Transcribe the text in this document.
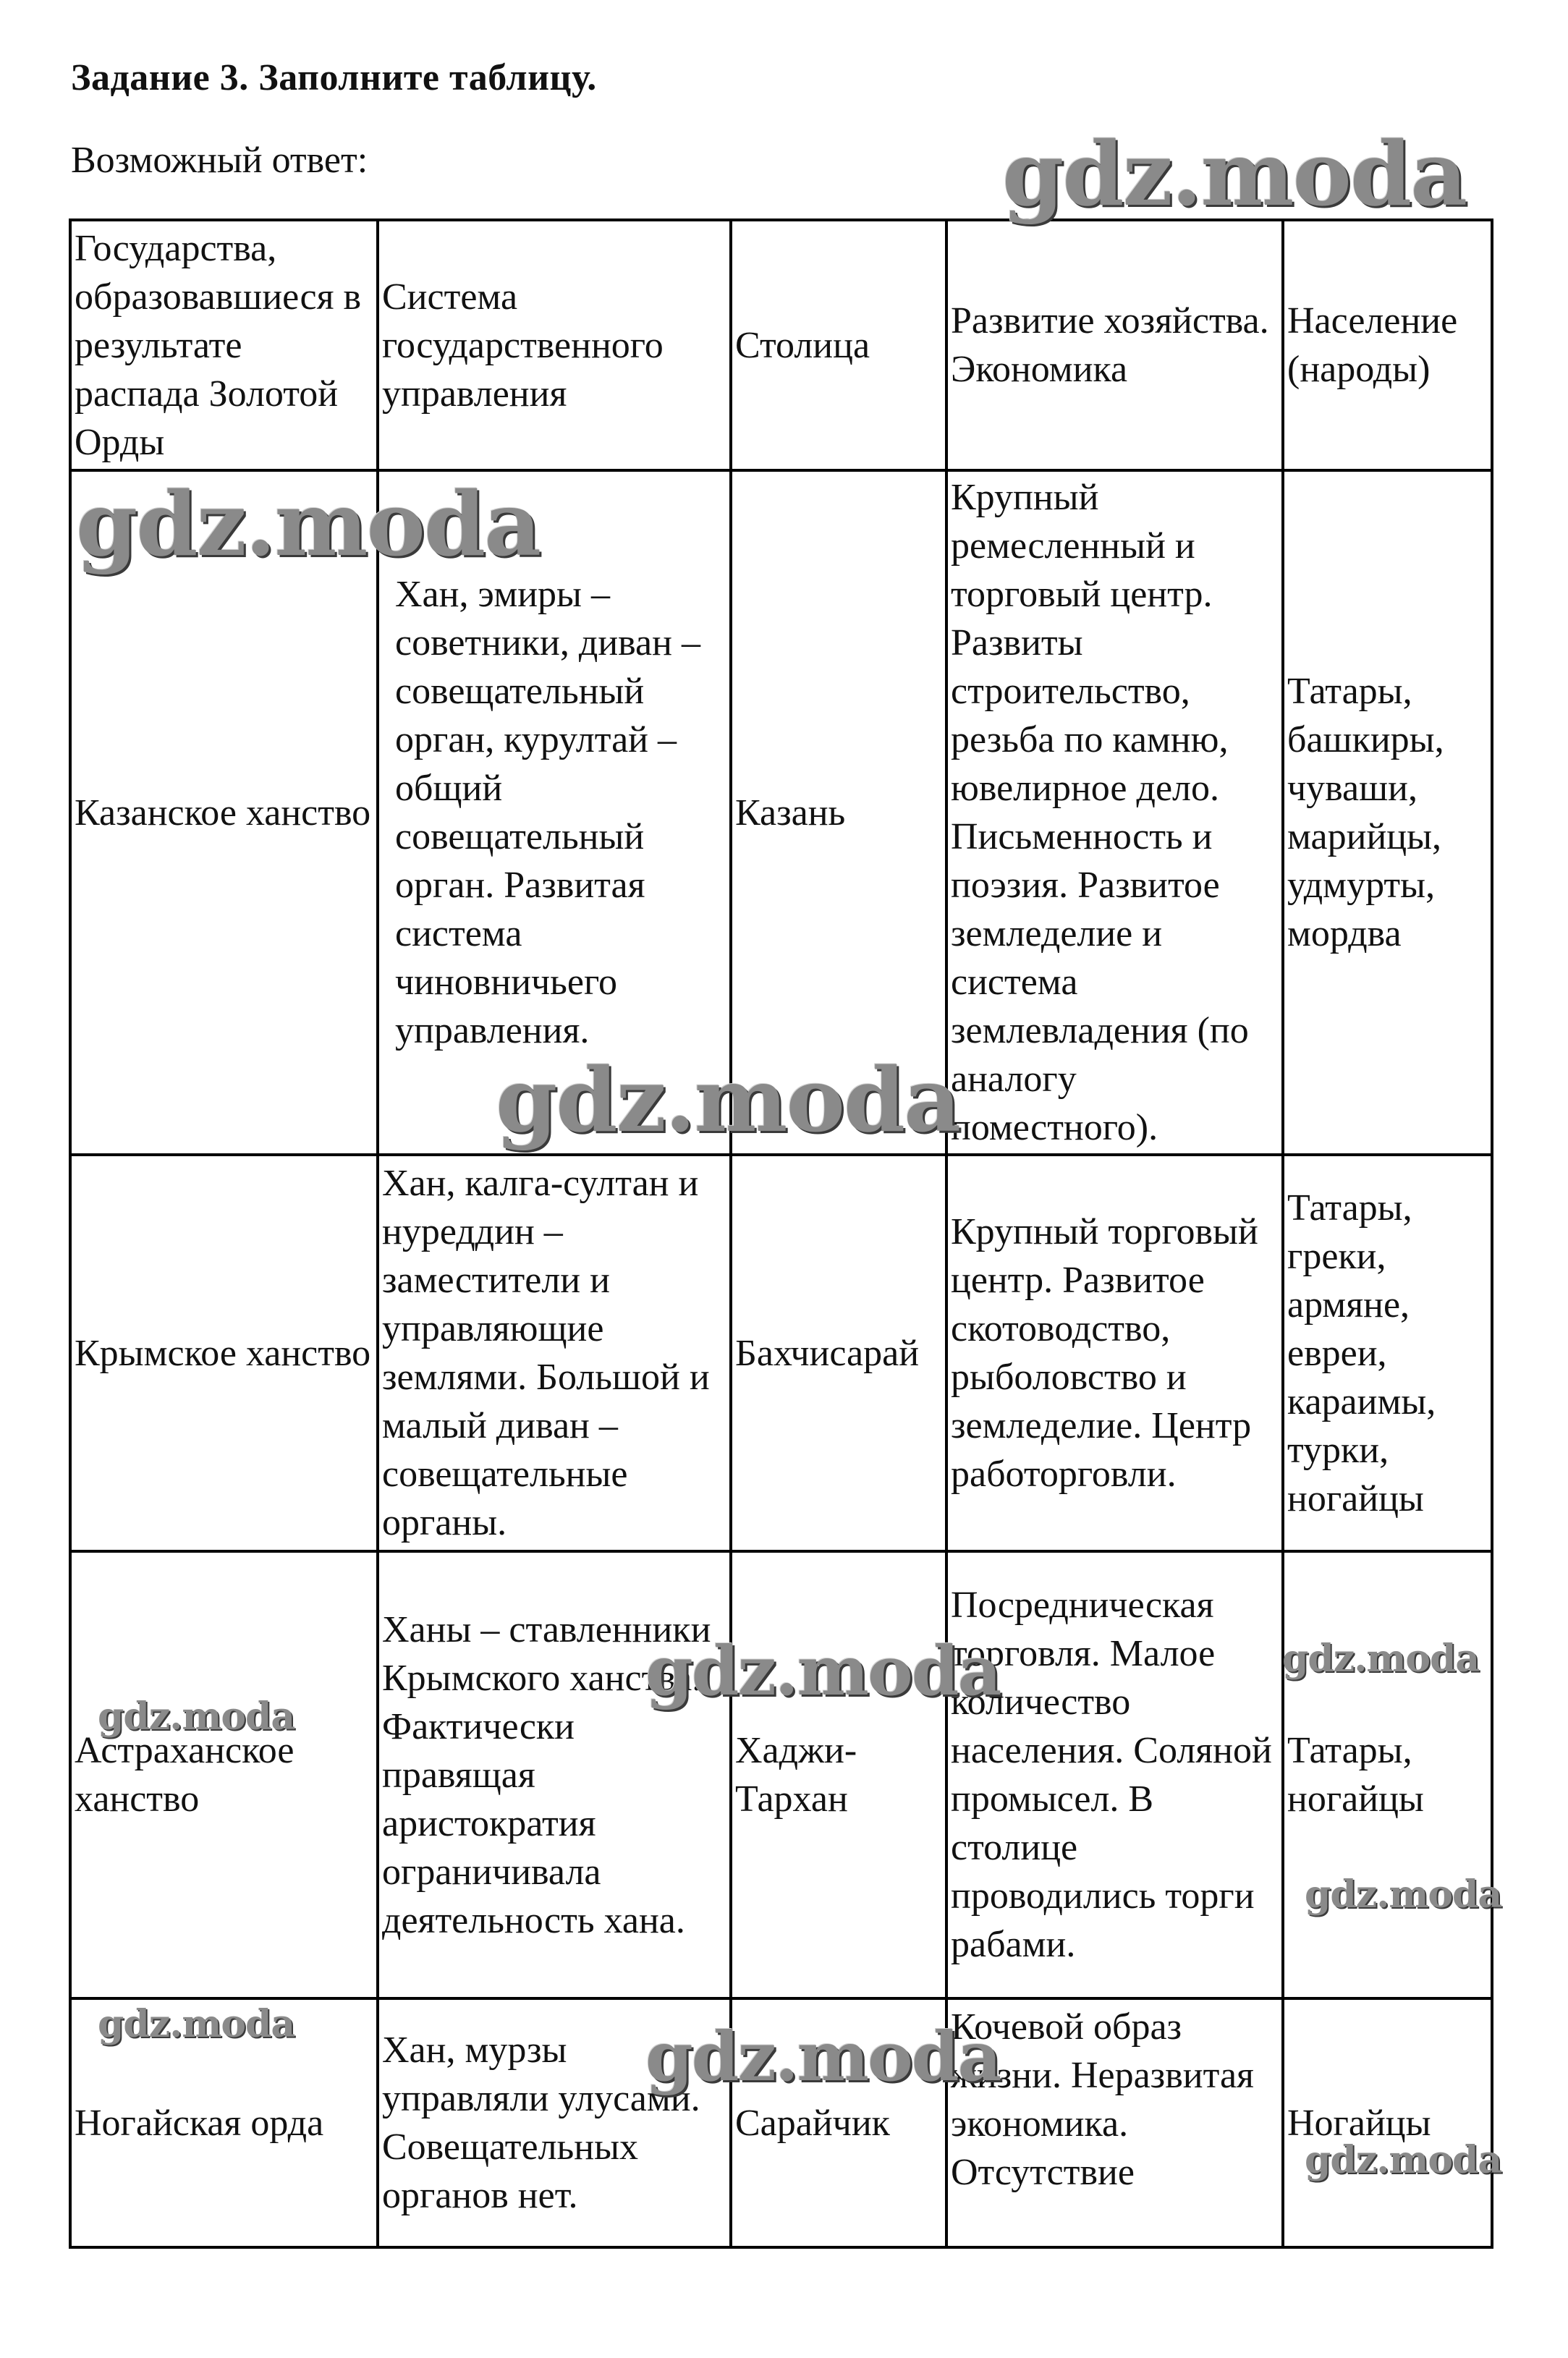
Задание 3. Заполните таблицу.
Возможный ответ:
Государства, образовавшиеся в результате распада Золотой Орды	Система государственного управления	Столица	Развитие хозяйства. Экономика	Население (народы)
Казанское ханство	Хан, эмиры – советники, диван – совещательный орган, курултай – общий совещательный орган. Развитая система чиновничьего управления.	Казань	Крупный ремесленный и торговый центр. Развиты строительство, резьба по камню, ювелирное дело. Письменность и поэзия. Развитое земледелие и система землевладения (по аналогу поместного).	Татары, башкиры, чуваши, марийцы, удмурты, мордва
Крымское ханство	Хан, калга-султан и нуреддин – заместители и управляющие землями. Большой и малый диван – совещательные органы.	Бахчисарай	Крупный торговый центр. Развитое скотоводство, рыболовство и земледелие. Центр работорговли.	Татары, греки, армяне, евреи, караимы, турки, ногайцы
Астраханское ханство	Ханы – ставленники Крымского ханства. Фактически правящая аристократия ограничивала деятельность хана.	Хаджи-Тархан	Посредническая торговля. Малое количество населения. Соляной промысел. В столице проводились торги рабами.	Татары, ногайцы
Ногайская орда	Хан, мурзы управляли улусами. Совещательных органов нет.	Сарайчик	Кочевой образ жизни. Неразвитая экономика. Отсутствие	Ногайцы
gdz.moda
gdz.moda
gdz.moda
gdz.moda
gdz.moda
gdz.moda
gdz.moda
gdz.moda	gdz.moda
gdz.moda
